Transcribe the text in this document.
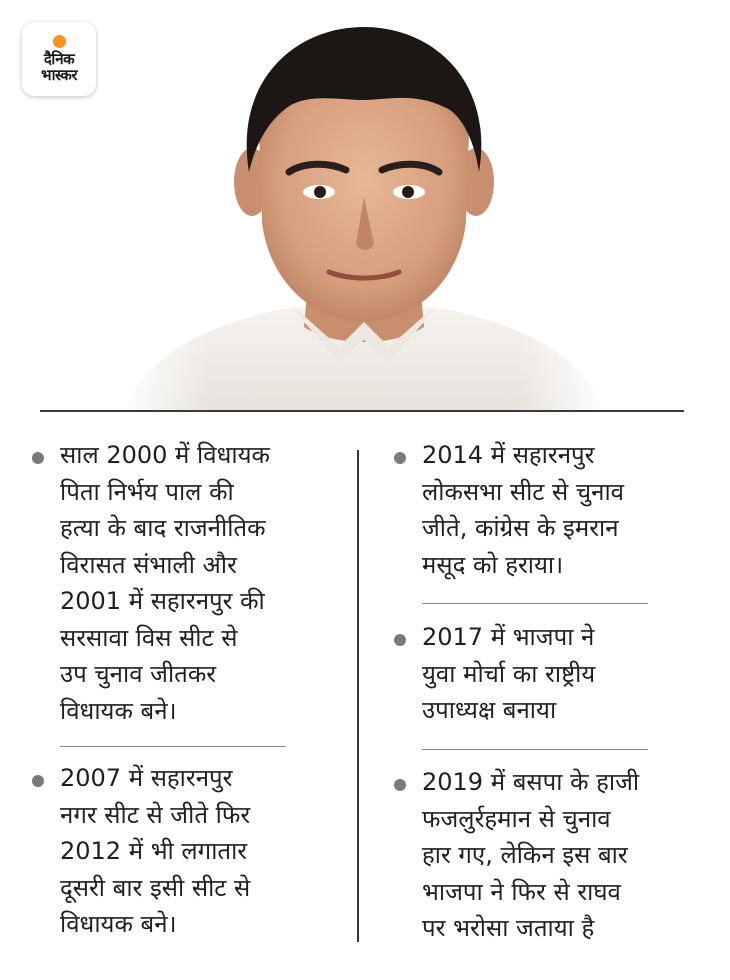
दैनिक
भास्कर
साल 2000 में विधायक
पिता निर्भय पाल की
हत्या के बाद राजनीतिक
विरासत संभाली और
2001 में सहारनपुर की
सरसावा विस सीट से
उप चुनाव जीतकर
विधायक बने।
2007 में सहारनपुर
नगर सीट से जीते फिर
2012 में भी लगातार
दूसरी बार इसी सीट से
विधायक बने।
2014 में सहारनपुर
लोकसभा सीट से चुनाव
जीते, कांग्रेस के इमरान
मसूद को हराया।
2017 में भाजपा ने
युवा मोर्चा का राष्ट्रीय
उपाध्यक्ष बनाया
2019 में बसपा के हाजी
फजलुर्रहमान से चुनाव
हार गए, लेकिन इस बार
भाजपा ने फिर से राघव
पर भरोसा जताया है
